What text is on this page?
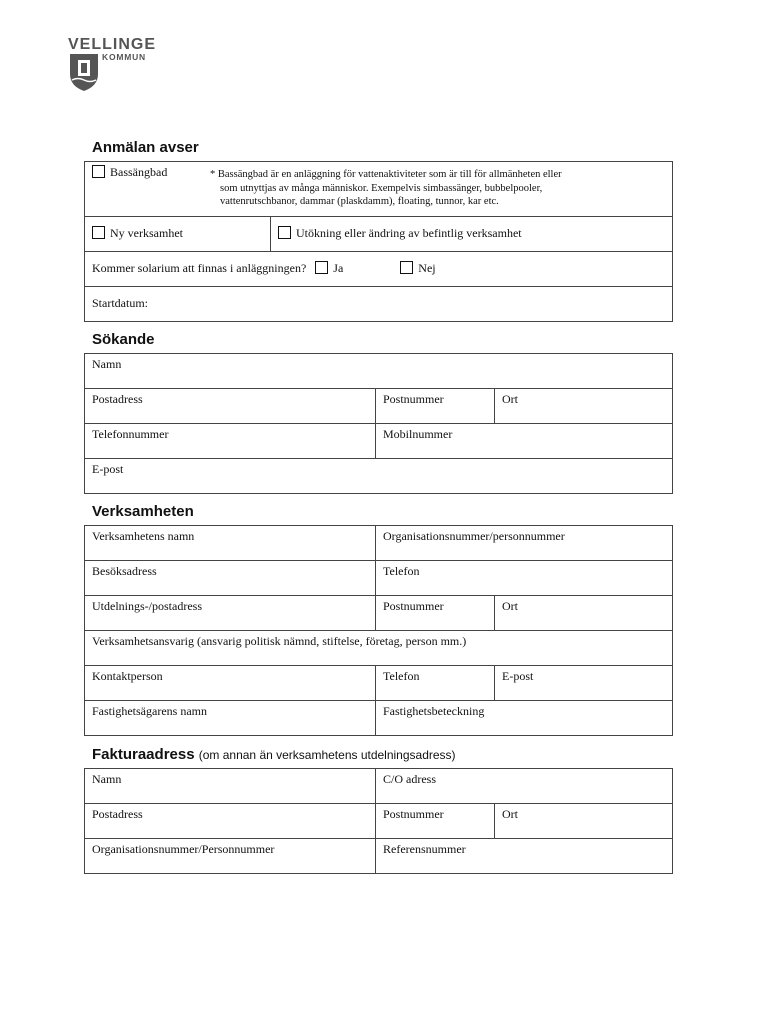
VELLINGE
KOMMUN
Anmälan avser
Bassängbad
Ny verksamhet	Utökning eller ändring av befintlig verksamhet
Kommer solarium att finnas i anläggningen? Ja	Nej
Startdatum:
* Bassängbad är en anläggning för vattenaktiviteter som är till för allmänheten eller
som utnyttjas av många människor. Exempelvis simbassänger, bubbelpooler,
vattenrutschbanor, dammar (plaskdamm), floating, tunnor, kar etc.
Sökande
Namn		
Postadress	Postnummer	Ort
Telefonnummer	Mobilnummer	
E-post		
Verksamheten
Verksamhetens namn	Organisationsnummer/personnummer	
Besöksadress	Telefon	
Utdelnings-/postadress	Postnummer	Ort
Verksamhetsansvarig (ansvarig politisk nämnd, stiftelse, företag, person mm.)		
Kontaktperson	Telefon	E-post
Fastighetsägarens namn	Fastighetsbeteckning	
Fakturaadress (om annan än verksamhetens utdelningsadress)
Namn	C/O adress	
Postadress	Postnummer	Ort
Organisationsnummer/Personnummer	Referensnummer	
